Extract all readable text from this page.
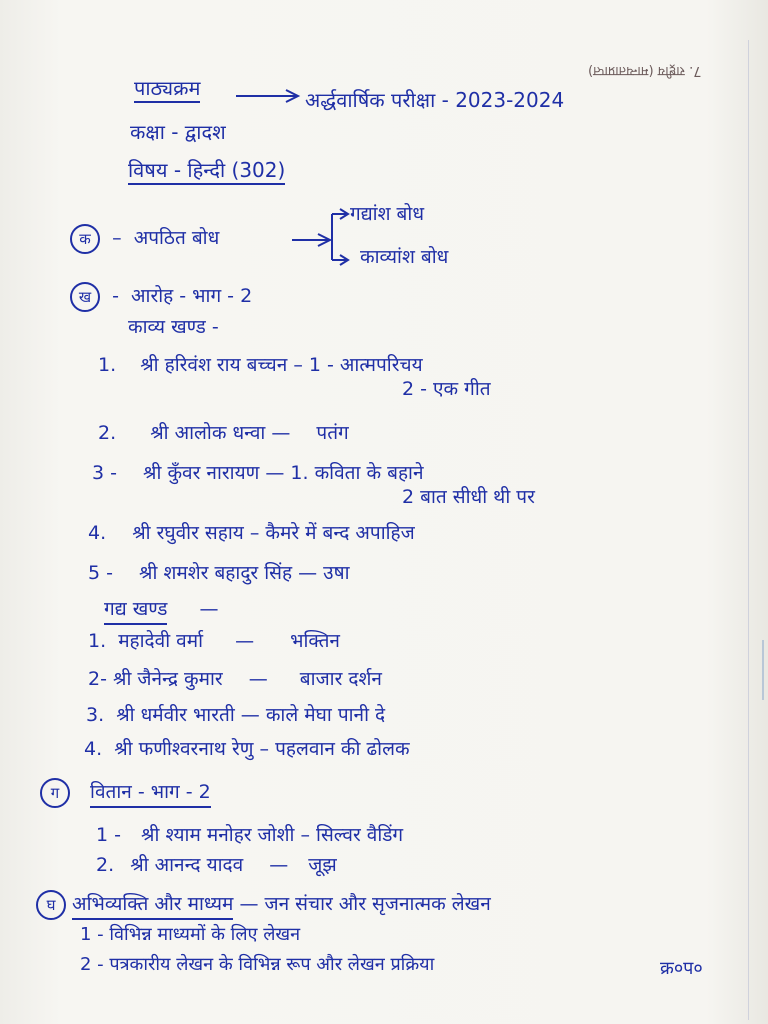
7. राष्ट्रीय (मान्यताप्राप्त)
पाठ्यक्रम	अर्द्धवार्षिक परीक्षा - 2023-2024
कक्षा - द्वादश
विषय - हिन्दी (302)
क  –  अपठित बोध
गद्यांश बोध
काव्यांश बोध
ख  -  आरोह - भाग - 2
काव्य खण्ड -
1. श्री हरिवंश राय बच्चन – 1 - आत्मपरिचय
2 - एक गीत
2. श्री आलोक धन्वा — पतंग
3 - श्री कुँवर नारायण — 1. कविता के बहाने
2 बात सीधी थी पर
4. श्री रघुवीर सहाय – कैमरे में बन्द अपाहिज
5 - श्री शमशेर बहादुर सिंह — उषा
गद्य खण्ड —
1. महादेवी वर्मा — भक्तिन
2- श्री जैनेन्द्र कुमार — बाजार दर्शन
3. श्री धर्मवीर भारती — काले मेघा पानी दे
4. श्री फणीश्वरनाथ रेणु – पहलवान की ढोलक
ग वितान - भाग - 2
1 - श्री श्याम मनोहर जोशी – सिल्वर वैडिंग
2. श्री आनन्द यादव — जूझ
घ अभिव्यक्ति और माध्यम — जन संचार और सृजनात्मक लेखन
1 - विभिन्न माध्यमों के लिए लेखन
2 - पत्रकारीय लेखन के विभिन्न रूप और लेखन प्रक्रिया	क्र०प०
